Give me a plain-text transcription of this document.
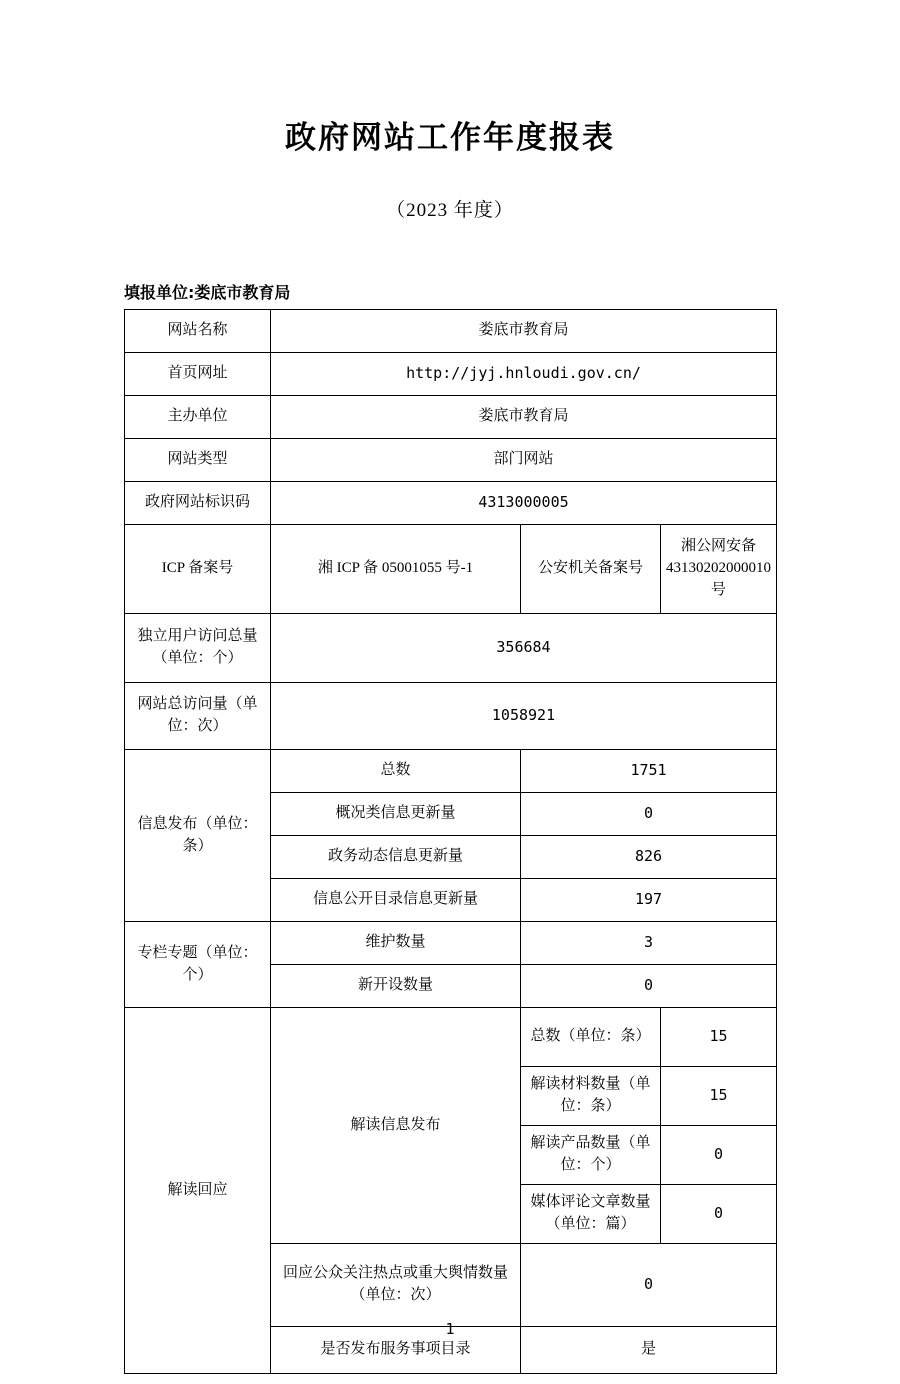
政府网站工作年度报表
（2023 年度）
填报单位:娄底市教育局
网站名称	娄底市教育局		
首页网址	http://jyj.hnloudi.gov.cn/		
主办单位	娄底市教育局		
网站类型	部门网站		
政府网站标识码	4313000005		
ICP 备案号	湘 ICP 备 05001055 号-1	公安机关备案号	湘公网安备 43130202000010 号
独立用户访问总量（单位：个）	356684		
网站总访问量（单位：次）	1058921		
信息发布（单位：条）	总数	1751	
	概况类信息更新量	0	
	政务动态信息更新量	826	
	信息公开目录信息更新量	197	
专栏专题（单位：个）	维护数量	3	
	新开设数量	0	
解读回应	解读信息发布	总数（单位：条）	15
		解读材料数量（单位：条）	15
		解读产品数量（单位：个）	0
		媒体评论文章数量（单位：篇）	0
	回应公众关注热点或重大舆情数量（单位：次）	0	
	是否发布服务事项目录	是	
1
